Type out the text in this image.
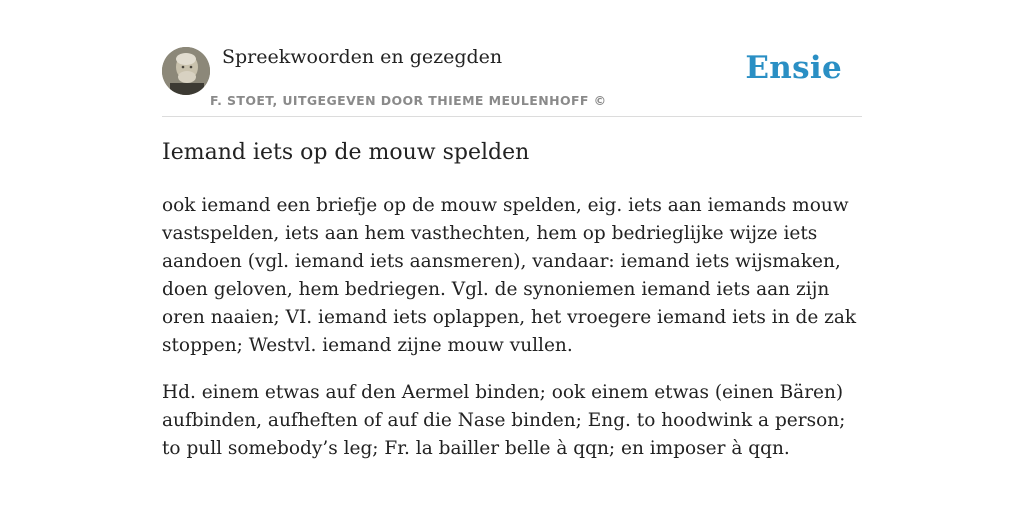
Spreekwoorden en gezegden
F. STOET, UITGEGEVEN DOOR THIEME MEULENHOFF ©
Ensie
Iemand iets op de mouw spelden

ook iemand een briefje op de mouw spelden, eig. iets aan iemands mouw vastspelden, iets aan hem vasthechten, hem op bedrieglijke wijze iets aandoen (vgl. iemand iets aansmeren), vandaar: iemand iets wijsmaken, doen geloven, hem bedriegen. Vgl. de synoniemen iemand iets aan zijn oren naaien; VI. iemand iets oplappen, het vroegere iemand iets in de zak stoppen; Westvl. iemand zijne mouw vullen.

Hd. einem etwas auf den Aermel binden; ook einem etwas (einen Bären) aufbinden, aufheften of auf die Nase binden; Eng. to hoodwink a person; to pull somebody’s leg; Fr. la bailler belle à qqn; en imposer à qqn.
